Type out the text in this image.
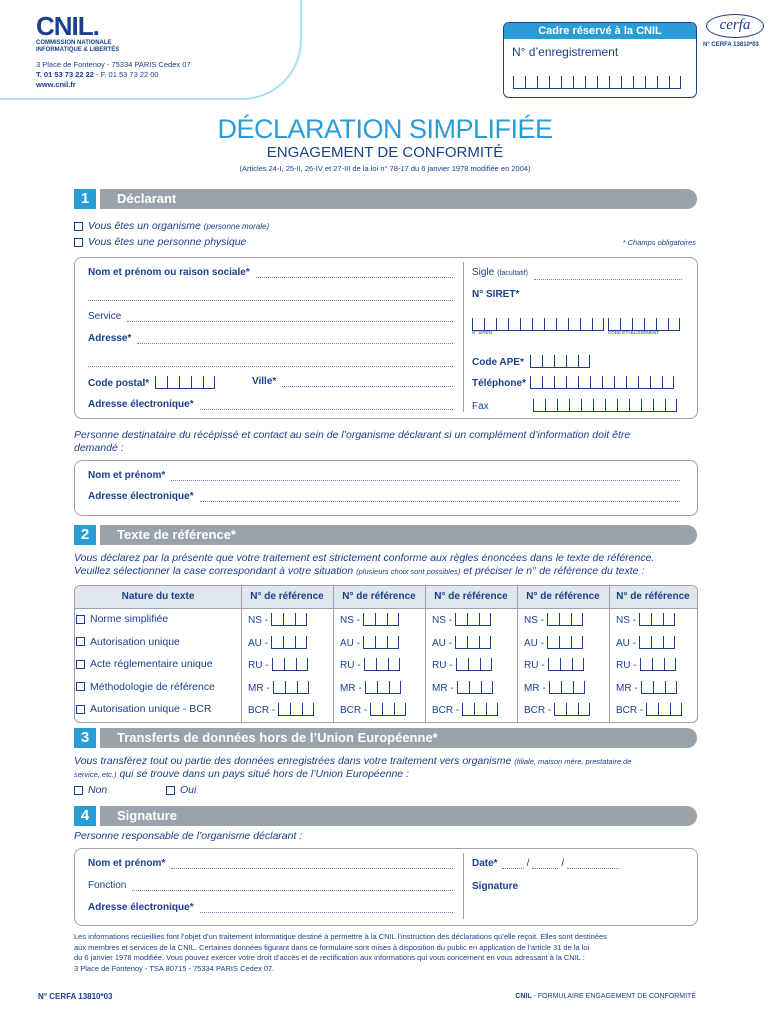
CNIL.
COMMISSION NATIONALE
INFORMATIQUE & LIBERTÉS
3 Place de Fontenoy - 75334 PARIS Cedex 07
T. 01 53 73 22 22 - F. 01 53 73 22 00
www.cnil.fr
Cadre réservé à la CNIL
N° d’enregistrement
cerfa
N° CERFA 13810*03
DÉCLARATION SIMPLIFIÉE
ENGAGEMENT DE CONFORMITÉ
(Articles 24-I, 25-II, 26-IV et 27-III de la loi n° 78-17 du 6 janvier 1978 modifiée en 2004)
1	Déclarant
Vous êtes un organisme (personne morale)
Vous êtes une personne physique	* Champs obligatoires
Nom et prénom ou raison sociale*
Service
Adresse*
Code postal*	Ville*
Adresse électronique*
Sigle (facultatif)
N° SIRET*
N° SIREN	CODE ÉTABLISSEMENT
Code APE*
Téléphone*
Fax
Personne destinataire du récépissé et contact au sein de l’organisme déclarant si un complément d’information doit être demandé :
Nom et prénom*
Adresse électronique*
2	Texte de référence*
Vous déclarez par la présente que votre traitement est strictement conforme aux règles énoncées dans le texte de référence.
Veuillez sélectionner la case correspondant à votre situation (plusieurs choix sont possibles) et préciser le n° de référence du texte :
Nature du texte	N° de référence	N° de référence	N° de référence	N° de référence	N° de référence
Norme simplifiée	NS -	NS -	NS -	NS -	NS -
Autorisation unique	AU -	AU -	AU -	AU -	AU -
Acte réglementaire unique	RU -	RU -	RU -	RU -	RU -
Méthodologie de référence	MR -	MR -	MR -	MR -	MR -
Autorisation unique - BCR	BCR -	BCR -	BCR -	BCR -	BCR -
3	Transferts de données hors de l’Union Européenne*
Vous transférez tout ou partie des données enregistrées dans votre traitement vers organisme (filiale, maison mère, prestataire de
service, etc.) qui se trouve dans un pays situé hors de l’Union Européenne :
Non	Oui
4	Signature
Personne responsable de l’organisme déclarant :
Nom et prénom*
Fonction
Adresse électronique*
Date*	/	/
Signature
Les informations recueillies font l’objet d’un traitement informatique destiné à permettre à la CNIL l’instruction des déclarations qu’elle reçoit. Elles sont destinées
aux membres et services de la CNIL. Certaines données figurant dans ce formulaire sont mises à disposition du public en application de l’article 31 de la loi
du 6 janvier 1978 modifiée. Vous pouvez exercer votre droit d’accès et de rectification aux informations qui vous concernent en vous adressant à la CNIL :
3 Place de Fontenoy - TSA 80715 - 75334 PARIS Cedex 07.
N° CERFA 13810*03	CNIL - FORMULAIRE ENGAGEMENT DE CONFORMITÉ
